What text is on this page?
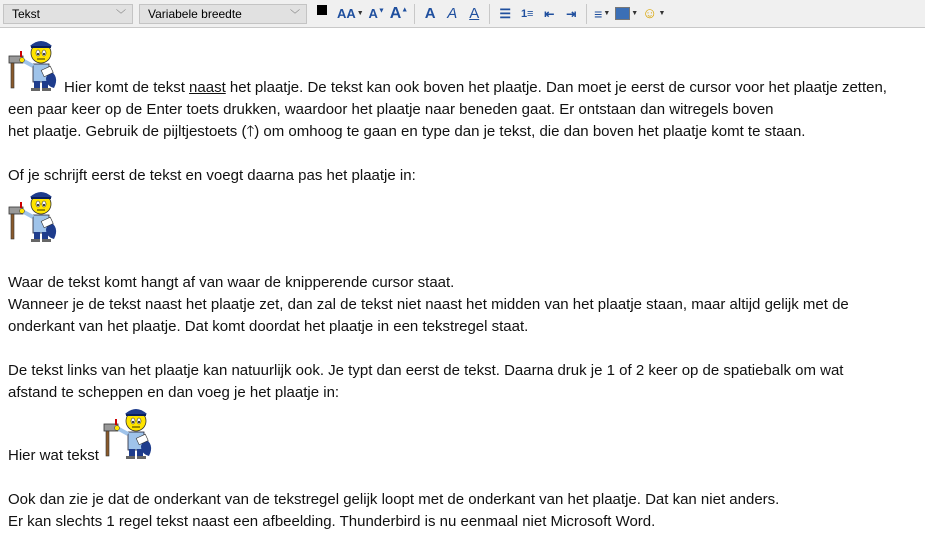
Tekst	﹀ Variabele breedte	﹀	AA ▼ A▼ A▲ A A A ☰ 1≡ ⇤ ⇥ ≡ ▼	▼ ☺ ▼

Hier komt de tekst naast het plaatje. De tekst kan ook boven het plaatje. Dan moet je eerst de cursor voor het plaatje zetten,

een paar keer op de Enter toets drukken, waardoor het plaatje naar beneden gaat. Er ontstaan dan witregels boven

het plaatje. Gebruik de pijltjestoets (🡑) om omhoog te gaan en type dan je tekst, die dan boven het plaatje komt te staan.

Of je schrijft eerst de tekst en voegt daarna pas het plaatje in:

Waar de tekst komt hangt af van waar de knipperende cursor staat.

Wanneer je de tekst naast het plaatje zet, dan zal de tekst niet naast het midden van het plaatje staan, maar altijd gelijk met de

onderkant van het plaatje. Dat komt doordat het plaatje in een tekstregel staat.

De tekst links van het plaatje kan natuurlijk ook. Je typt dan eerst de tekst. Daarna druk je 1 of 2 keer op de spatiebalk om wat

afstand te scheppen en dan voeg je het plaatje in:

Hier wat tekst

Ook dan zie je dat de onderkant van de tekstregel gelijk loopt met de onderkant van het plaatje. Dat kan niet anders.

Er kan slechts 1 regel tekst naast een afbeelding. Thunderbird is nu eenmaal niet Microsoft Word.
